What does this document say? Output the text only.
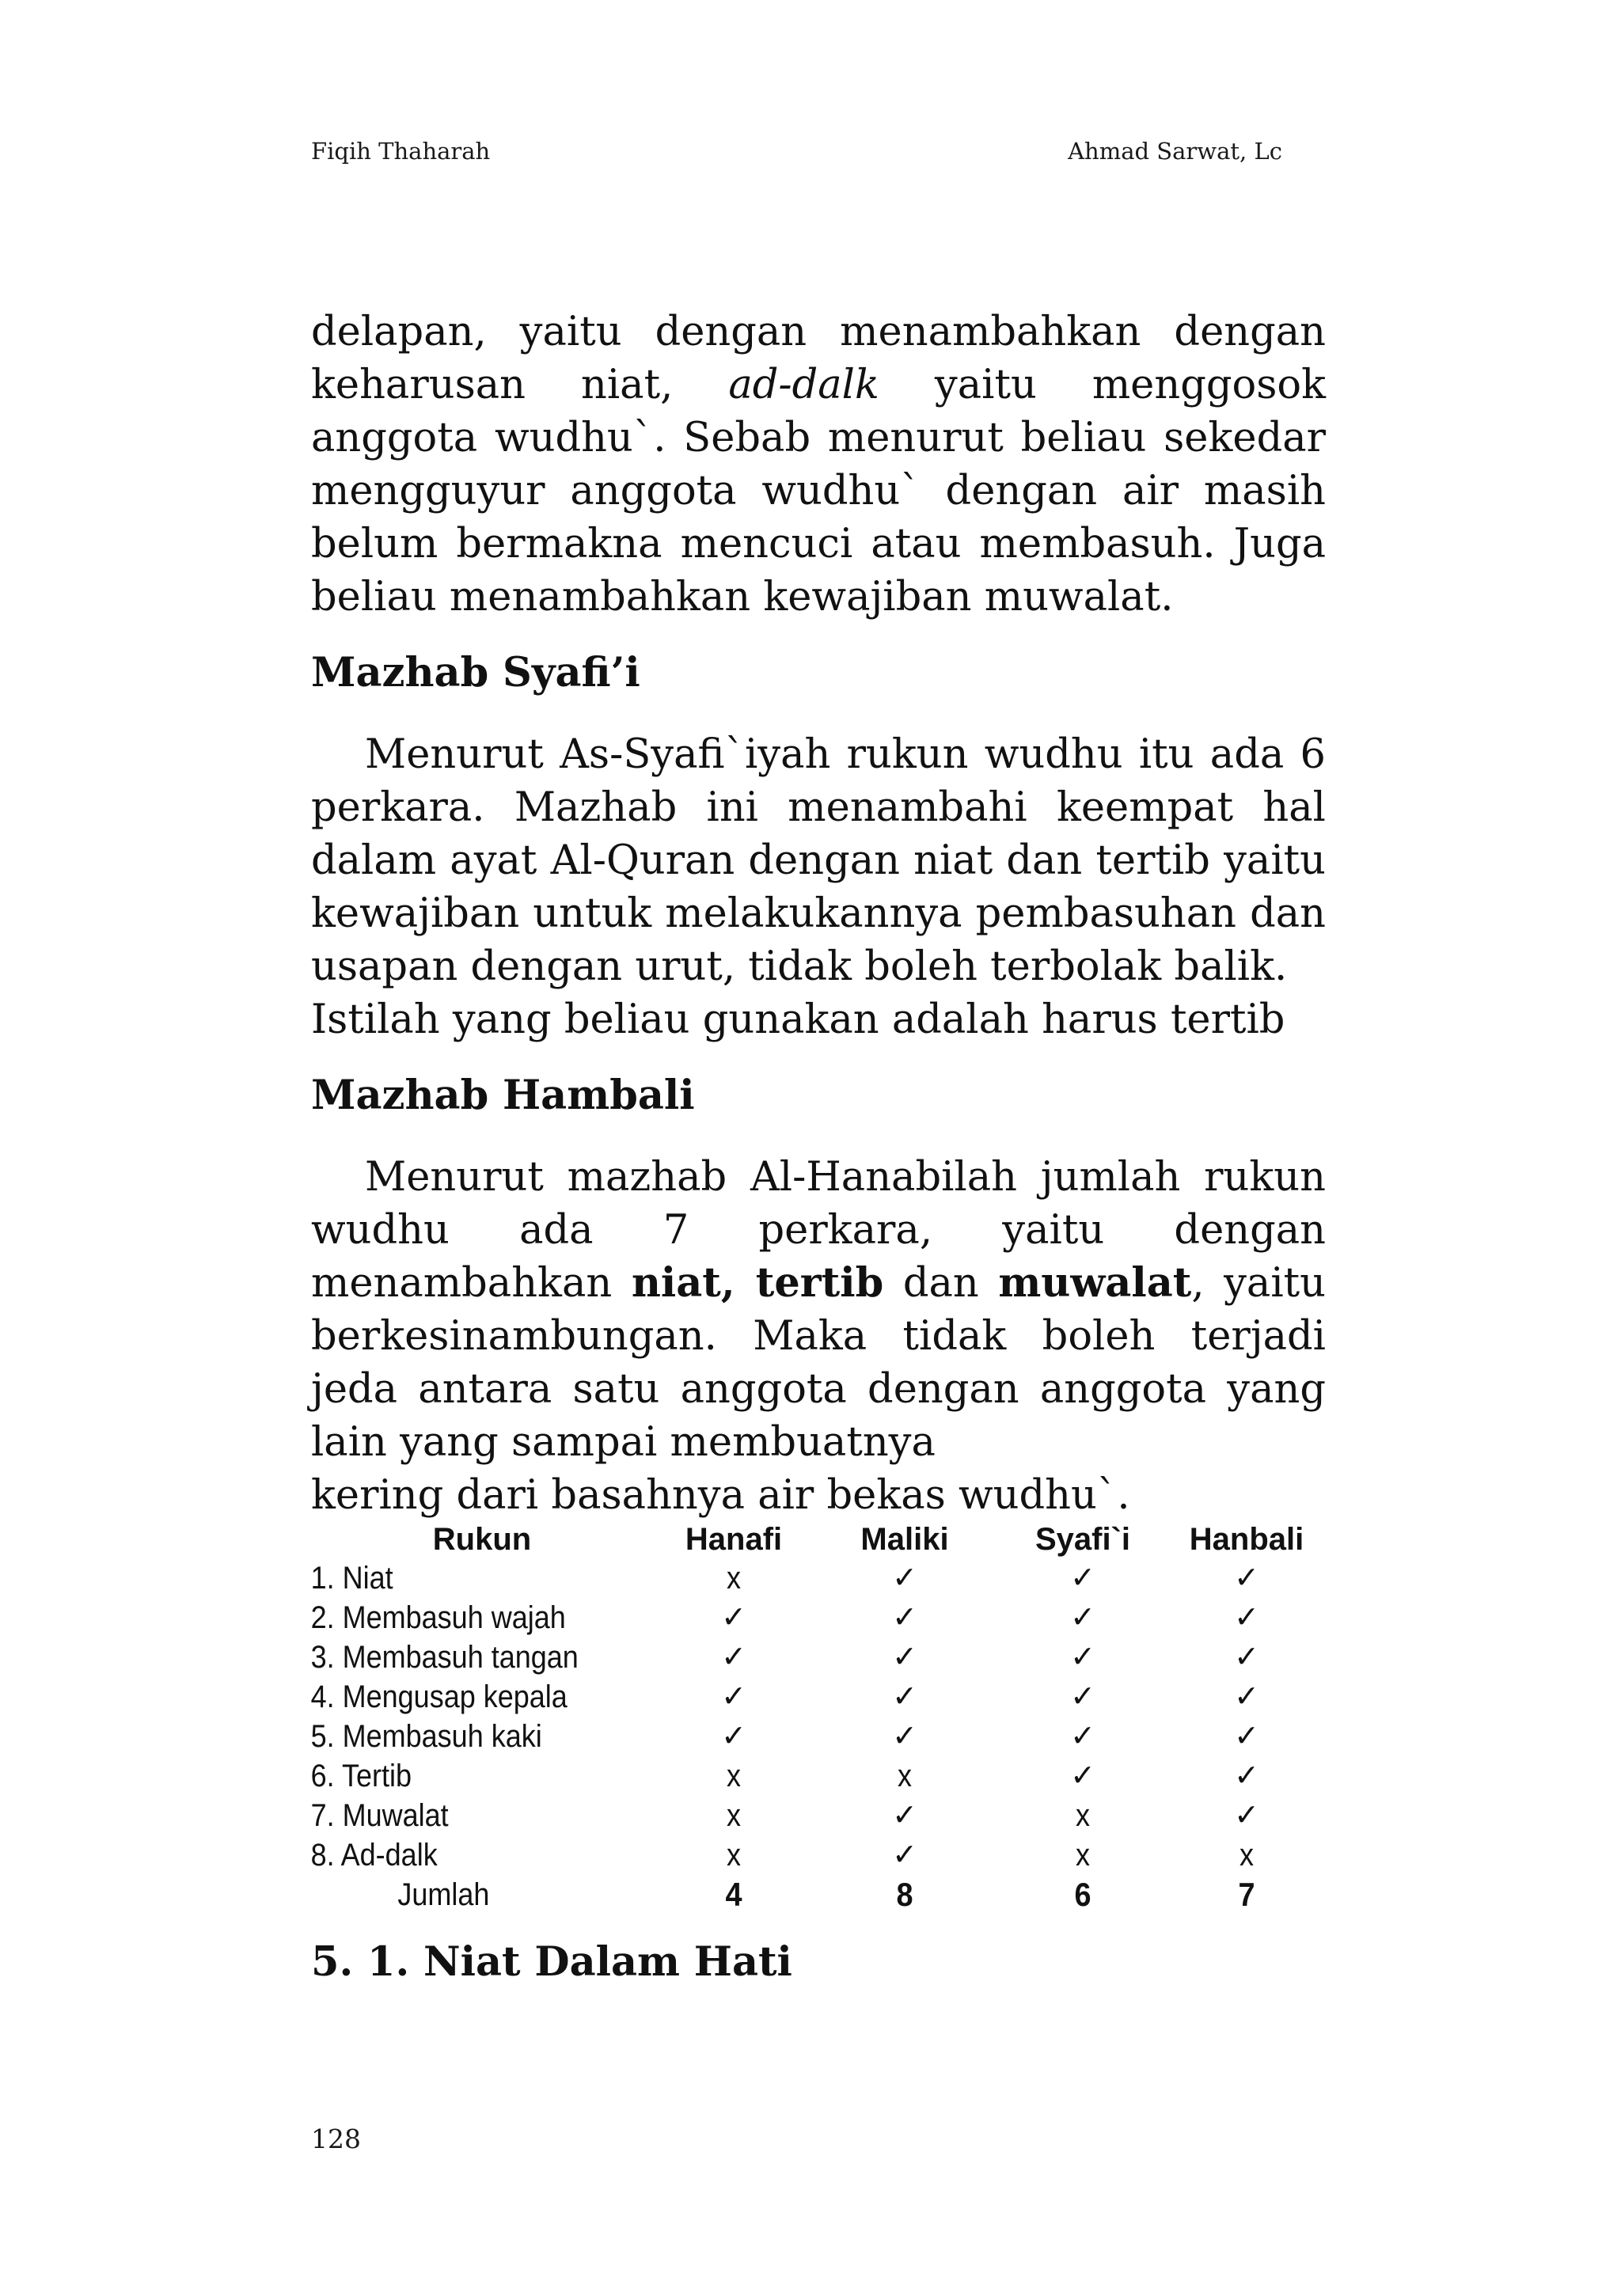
Fiqih Thaharah	Ahmad Sarwat, Lc

delapan, yaitu dengan menambahkan dengan keharusan niat, ad-dalk yaitu menggosok anggota wudhu`. Sebab menurut beliau sekedar mengguyur anggota wudhu` dengan air masih belum bermakna mencuci atau membasuh. Juga beliau menambahkan kewajiban muwalat.

Mazhab Syafi’i

Menurut As-Syafi`iyah rukun wudhu itu ada 6 perkara. Mazhab ini menambahi keempat hal dalam ayat Al-Quran dengan niat dan tertib yaitu kewajiban untuk melakukannya pembasuhan dan usapan dengan urut, tidak boleh terbolak balik.

Istilah yang beliau gunakan adalah harus tertib

Mazhab Hambali

Menurut mazhab Al-Hanabilah jumlah rukun wudhu ada 7 perkara, yaitu dengan menambahkan niat, tertib dan muwalat, yaitu berkesinambungan. Maka tidak boleh terjadi jeda antara satu anggota dengan anggota yang lain yang sampai membuatnya

kering dari basahnya air bekas wudhu`.

Rukun	Hanafi	Maliki	Syafi`i	Hanbali
1. Niat	x	✓	✓	✓
2. Membasuh wajah	✓	✓	✓	✓
3. Membasuh tangan	✓	✓	✓	✓
4. Mengusap kepala	✓	✓	✓	✓
5. Membasuh kaki	✓	✓	✓	✓
6. Tertib	x	x	✓	✓
7. Muwalat	x	✓	x	✓
8. Ad-dalk	x	✓	x	x
Jumlah	4	8	6	7
5. 1. Niat Dalam Hati
128
